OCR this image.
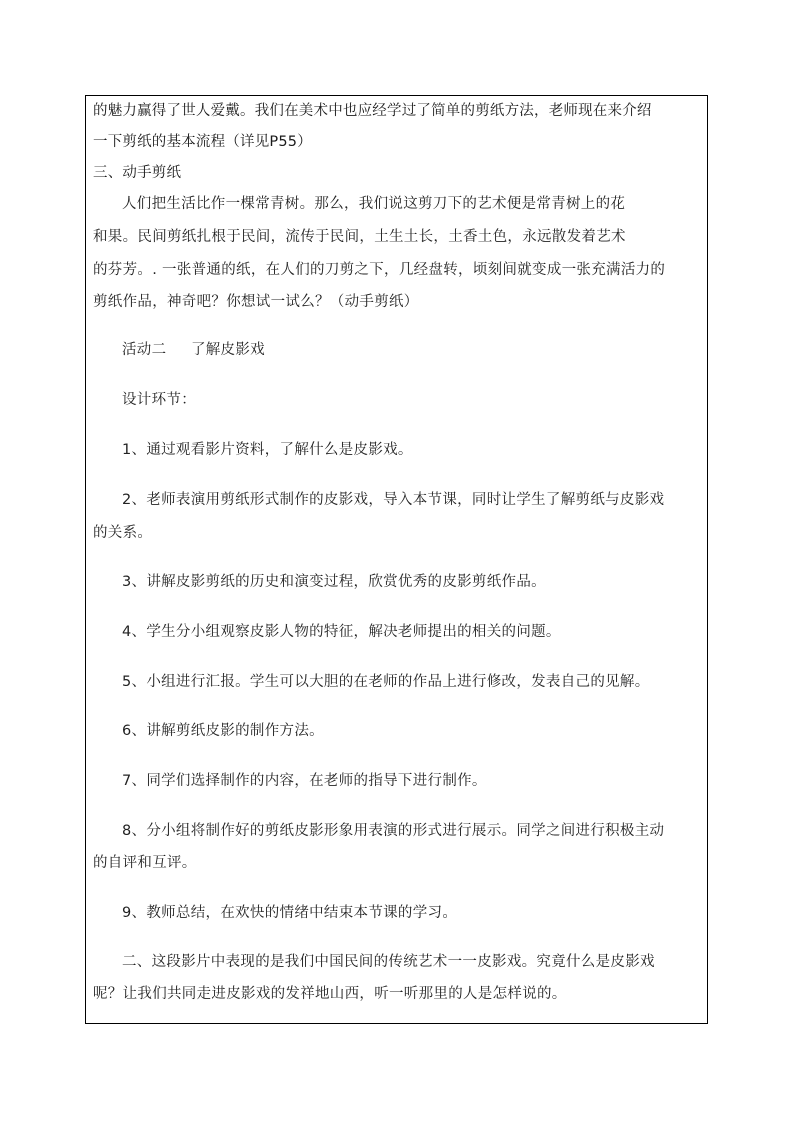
的魅力赢得了世人爱戴。我们在美术中也应经学过了简单的剪纸方法，老师现在来介绍
一下剪纸的基本流程（详见P55）
三、动手剪纸
人们把生活比作一棵常青树。那么，我们说这剪刀下的艺术便是常青树上的花
和果。民间剪纸扎根于民间，流传于民间，土生土长，土香土色，永远散发着艺术
的芬芳。. 一张普通的纸，在人们的刀剪之下，几经盘转，顷刻间就变成一张充满活力的
剪纸作品，神奇吧？你想试一试么？（动手剪纸）
活动二     了解皮影戏
设计环节：
1、通过观看影片资料，了解什么是皮影戏。
2、老师表演用剪纸形式制作的皮影戏，导入本节课，同时让学生了解剪纸与皮影戏
的关系。
3、讲解皮影剪纸的历史和演变过程，欣赏优秀的皮影剪纸作品。
4、学生分小组观察皮影人物的特征，解决老师提出的相关的问题。
5、小组进行汇报。学生可以大胆的在老师的作品上进行修改，发表自己的见解。
6、讲解剪纸皮影的制作方法。
7、同学们选择制作的内容，在老师的指导下进行制作。
8、分小组将制作好的剪纸皮影形象用表演的形式进行展示。同学之间进行积极主动
的自评和互评。
9、教师总结，在欢快的情绪中结束本节课的学习。
二、这段影片中表现的是我们中国民间的传统艺术一一皮影戏。究竟什么是皮影戏
呢？让我们共同走进皮影戏的发祥地山西，听一听那里的人是怎样说的。
